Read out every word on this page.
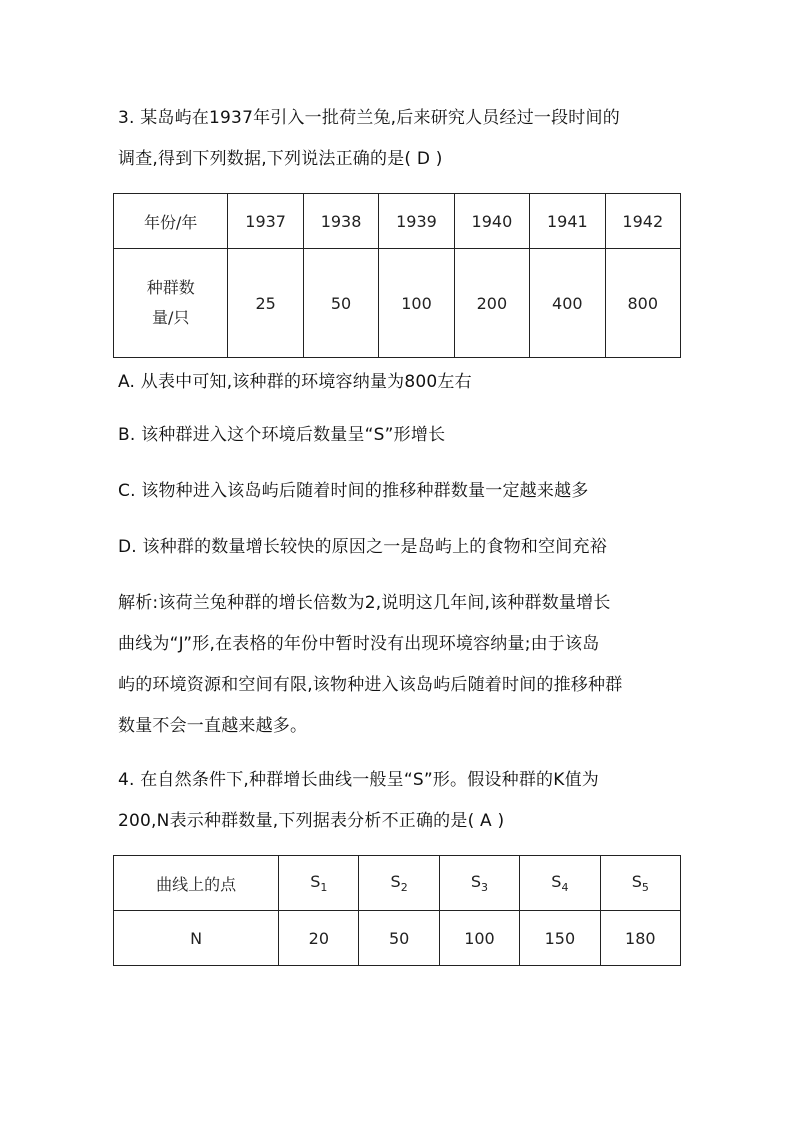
3. 某岛屿在1937年引入一批荷兰兔,后来研究人员经过一段时间的
调查,得到下列数据,下列说法正确的是( D )
年份/年	1937	1938	1939	1940	1941	1942
种群数
量/只	25	50	100	200	400	800
A. 从表中可知,该种群的环境容纳量为800左右
B. 该种群进入这个环境后数量呈“S”形增长
C. 该物种进入该岛屿后随着时间的推移种群数量一定越来越多
D. 该种群的数量增长较快的原因之一是岛屿上的食物和空间充裕
解析:该荷兰兔种群的增长倍数为2,说明这几年间,该种群数量增长
曲线为“J”形,在表格的年份中暂时没有出现环境容纳量;由于该岛
屿的环境资源和空间有限,该物种进入该岛屿后随着时间的推移种群
数量不会一直越来越多。
4. 在自然条件下,种群增长曲线一般呈“S”形。假设种群的K值为
200,N表示种群数量,下列据表分析不正确的是( A )
曲线上的点	$S_1$	$S_2$	$S_3$	$S_4$	$S_5$
N	20	50	100	150	180
